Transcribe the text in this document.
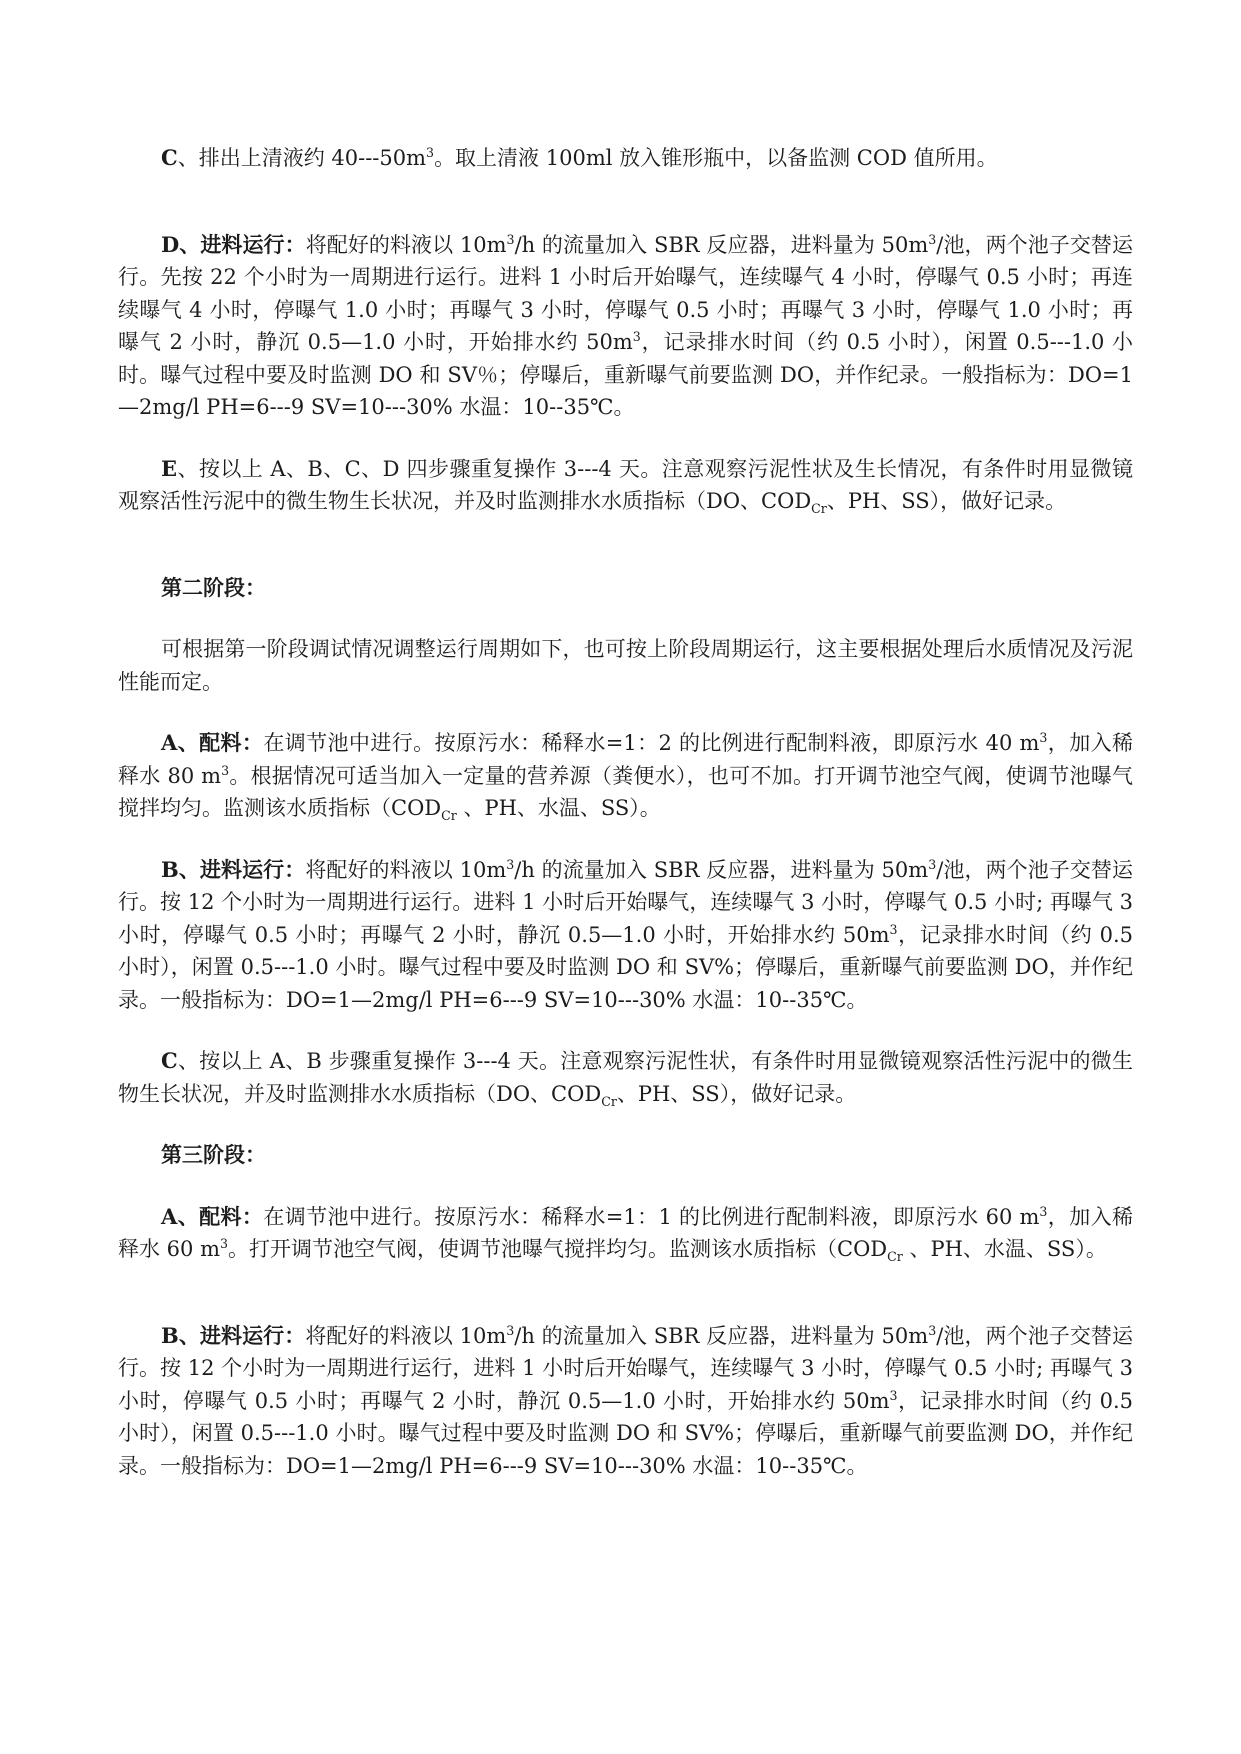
C、排出上清液约 $40---50m^3$。取上清液 100ml 放入锥形瓶中，以备监测 COD 值所用。

D、进料运行：将配好的料液以 $10m^3/h$ 的流量加入 SBR 反应器，进料量为 $50m^3/$池，两个池子交替运行。先按 22 个小时为一周期进行运行。进料 1 小时后开始曝气，连续曝气 4 小时，停曝气 0.5 小时；再连续曝气 4 小时，停曝气 1.0 小时；再曝气 3 小时，停曝气 0.5 小时；再曝气 3 小时，停曝气 1.0 小时；再曝气 2 小时，静沉 0.5—1.0 小时，开始排水约 $50m^3$，记录排水时间（约 0.5 小时），闲置 0.5---1.0 小时。曝气过程中要及时监测 DO 和 SV％；停曝后，重新曝气前要监测 DO，并作纪录。一般指标为：DO=1—2mg/l PH=6---9 SV=10---30% 水温：10--35℃。

E、按以上 A、B、C、D 四步骤重复操作 3---4 天。注意观察污泥性状及生长情况，有条件时用显微镜观察活性污泥中的微生物生长状况，并及时监测排水水质指标（DO、$COD_{Cr}$、PH、SS），做好记录。

第二阶段：

可根据第一阶段调试情况调整运行周期如下，也可按上阶段周期运行，这主要根据处理后水质情况及污泥性能而定。

A、配料：在调节池中进行。按原污水：稀释水=1：2 的比例进行配制料液，即原污水 40 $m^3$，加入稀释水 80 $m^3$。根据情况可适当加入一定量的营养源（粪便水），也可不加。打开调节池空气阀，使调节池曝气搅拌均匀。监测该水质指标（$COD_{Cr}$ 、PH、水温、SS）。

B、进料运行：将配好的料液以 $10m^3/h$ 的流量加入 SBR 反应器，进料量为 $50m^3/$池，两个池子交替运行。按 12 个小时为一周期进行运行。进料 1 小时后开始曝气，连续曝气 3 小时，停曝气 0.5 小时; 再曝气 3 小时，停曝气 0.5 小时；再曝气 2 小时，静沉 0.5—1.0 小时，开始排水约 $50m^3$，记录排水时间（约 0.5 小时），闲置 0.5---1.0 小时。曝气过程中要及时监测 DO 和 SV%；停曝后，重新曝气前要监测 DO，并作纪录。一般指标为：DO=1—2mg/l PH=6---9 SV=10---30% 水温：10--35℃。

C、按以上 A、B 步骤重复操作 3---4 天。注意观察污泥性状，有条件时用显微镜观察活性污泥中的微生物生长状况，并及时监测排水水质指标（DO、$COD_{Cr}$、PH、SS），做好记录。

第三阶段：

A、配料：在调节池中进行。按原污水：稀释水=1：1 的比例进行配制料液，即原污水 60 $m^3$，加入稀释水 60 $m^3$。打开调节池空气阀，使调节池曝气搅拌均匀。监测该水质指标（$COD_{Cr}$ 、PH、水温、SS）。

B、进料运行：将配好的料液以 $10m^3/h$ 的流量加入 SBR 反应器，进料量为 $50m^3/$池，两个池子交替运行。按 12 个小时为一周期进行运行，进料 1 小时后开始曝气，连续曝气 3 小时，停曝气 0.5 小时; 再曝气 3 小时，停曝气 0.5 小时；再曝气 2 小时，静沉 0.5—1.0 小时，开始排水约 $50m^3$，记录排水时间（约 0.5 小时），闲置 0.5---1.0 小时。曝气过程中要及时监测 DO 和 SV%；停曝后，重新曝气前要监测 DO，并作纪录。一般指标为：DO=1—2mg/l PH=6---9 SV=10---30% 水温：10--35℃。
